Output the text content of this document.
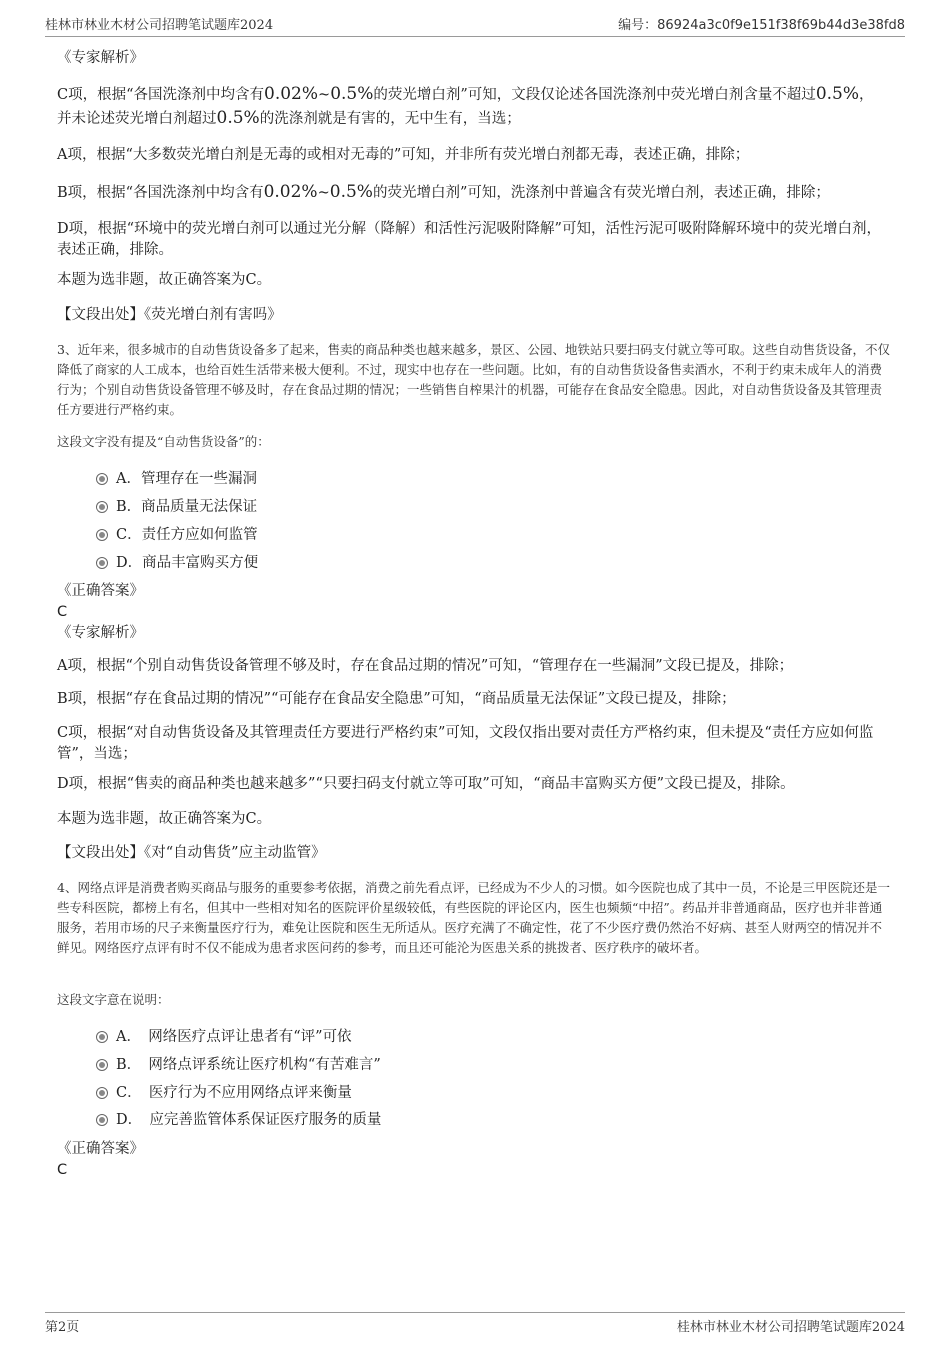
桂林市林业木材公司招聘笔试题库2024	编号：86924a3c0f9e151f38f69b44d3e38fd8
《专家解析》
C项，根据“各国洗涤剂中均含有0.02%~0.5%的荧光增白剂”可知，文段仅论述各国洗涤剂中荧光增白剂含量不超过0.5%，
并未论述荧光增白剂超过0.5%的洗涤剂就是有害的，无中生有，当选；
A项，根据“大多数荧光增白剂是无毒的或相对无毒的”可知，并非所有荧光增白剂都无毒，表述正确，排除；
B项，根据“各国洗涤剂中均含有0.02%~0.5%的荧光增白剂”可知，洗涤剂中普遍含有荧光增白剂，表述正确，排除；
D项，根据“环境中的荧光增白剂可以通过光分解（降解）和活性污泥吸附降解”可知，活性污泥可吸附降解环境中的荧光增白剂，表述正确，排除。
本题为选非题，故正确答案为C。
【文段出处】《荧光增白剂有害吗》
3、近年来，很多城市的自动售货设备多了起来，售卖的商品种类也越来越多，景区、公园、地铁站只要扫码支付就立等可取。这些自动售货设备，不仅降低了商家的人工成本，也给百姓生活带来极大便利。不过，现实中也存在一些问题。比如，有的自动售货设备售卖酒水，不利于约束未成年人的消费行为；个别自动售货设备管理不够及时，存在食品过期的情况；一些销售自榨果汁的机器，可能存在食品安全隐患。因此，对自动售货设备及其管理责任方要进行严格约束。
这段文字没有提及“自动售货设备”的：
A．管理存在一些漏洞
B．商品质量无法保证
C．责任方应如何监管
D．商品丰富购买方便
《正确答案》
C
《专家解析》
A项，根据“个别自动售货设备管理不够及时，存在食品过期的情况”可知，“管理存在一些漏洞”文段已提及，排除；
B项，根据“存在食品过期的情况”“可能存在食品安全隐患”可知，“商品质量无法保证”文段已提及，排除；
C项，根据“对自动售货设备及其管理责任方要进行严格约束”可知，文段仅指出要对责任方严格约束，但未提及“责任方应如何监管”，当选；
D项，根据“售卖的商品种类也越来越多”“只要扫码支付就立等可取”可知，“商品丰富购买方便”文段已提及，排除。
本题为选非题，故正确答案为C。
【文段出处】《对“自动售货”应主动监管》
4、网络点评是消费者购买商品与服务的重要参考依据，消费之前先看点评，已经成为不少人的习惯。如今医院也成了其中一员，不论是三甲医院还是一些专科医院，都榜上有名，但其中一些相对知名的医院评价星级较低，有些医院的评论区内，医生也频频“中招”。药品并非普通商品，医疗也并非普通服务，若用市场的尺子来衡量医疗行为，难免让医院和医生无所适从。医疗充满了不确定性，花了不少医疗费仍然治不好病、甚至人财两空的情况并不鲜见。网络医疗点评有时不仅不能成为患者求医问药的参考，而且还可能沦为医患关系的挑拨者、医疗秩序的破坏者。
这段文字意在说明：
A．　网络医疗点评让患者有“评”可依
B．　网络点评系统让医疗机构“有苦难言”
C．　医疗行为不应用网络点评来衡量
D．　应完善监管体系保证医疗服务的质量
《正确答案》
C
第2页	桂林市林业木材公司招聘笔试题库2024
